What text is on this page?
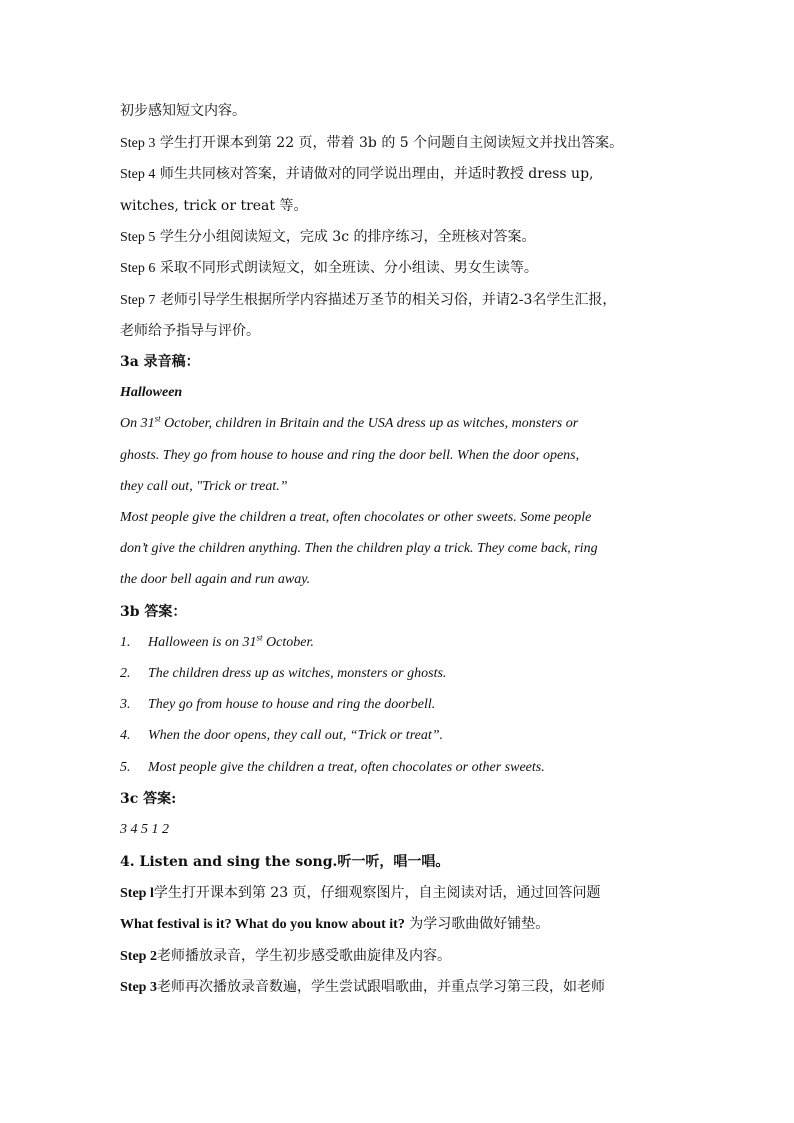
初步感知短文内容。
Step 3 学生打开课本到第 22 页，带着 3b 的 5 个问题自主阅读短文并找出答案。
Step 4 师生共同核对答案，并请做对的同学说出理由，并适时教授 dress up,
witches, trick or treat 等。
Step 5 学生分小组阅读短文，完成 3c 的排序练习，全班核对答案。
Step 6 采取不同形式朗读短文，如全班读、分小组读、男女生读等。
Step 7 老师引导学生根据所学内容描述万圣节的相关习俗，并请2-3名学生汇报，
老师给予指导与评价。
3a 录音稿：
Halloween
On 31st October, children in Britain and the USA dress up as witches, monsters or
ghosts. They go from house to house and ring the door bell. When the door opens,
they call out, "Trick or treat.”
Most people give the children a treat, often chocolates or other sweets. Some people
don’t give the children anything. Then the children play a trick. They come back, ring
the door bell again and run away.
3b 答案：
1. Halloween is on 31st October.
2. The children dress up as witches, monsters or ghosts.
3. They go from house to house and ring the doorbell.
4. When the door opens, they call out, “Trick or treat”.
5. Most people give the children a treat, often chocolates or other sweets.
3c 答案:
3 4 5 1 2
4. Listen and sing the song.听一听，唱一唱。
Step l学生打开课本到第 23 页，仔细观察图片，自主阅读对话，通过回答问题
What festival is it? What do you know about it? 为学习歌曲做好铺垫。
Step 2老师播放录音，学生初步感受歌曲旋律及内容。
Step 3老师再次播放录音数遍，学生尝试跟唱歌曲，并重点学习第三段，如老师
